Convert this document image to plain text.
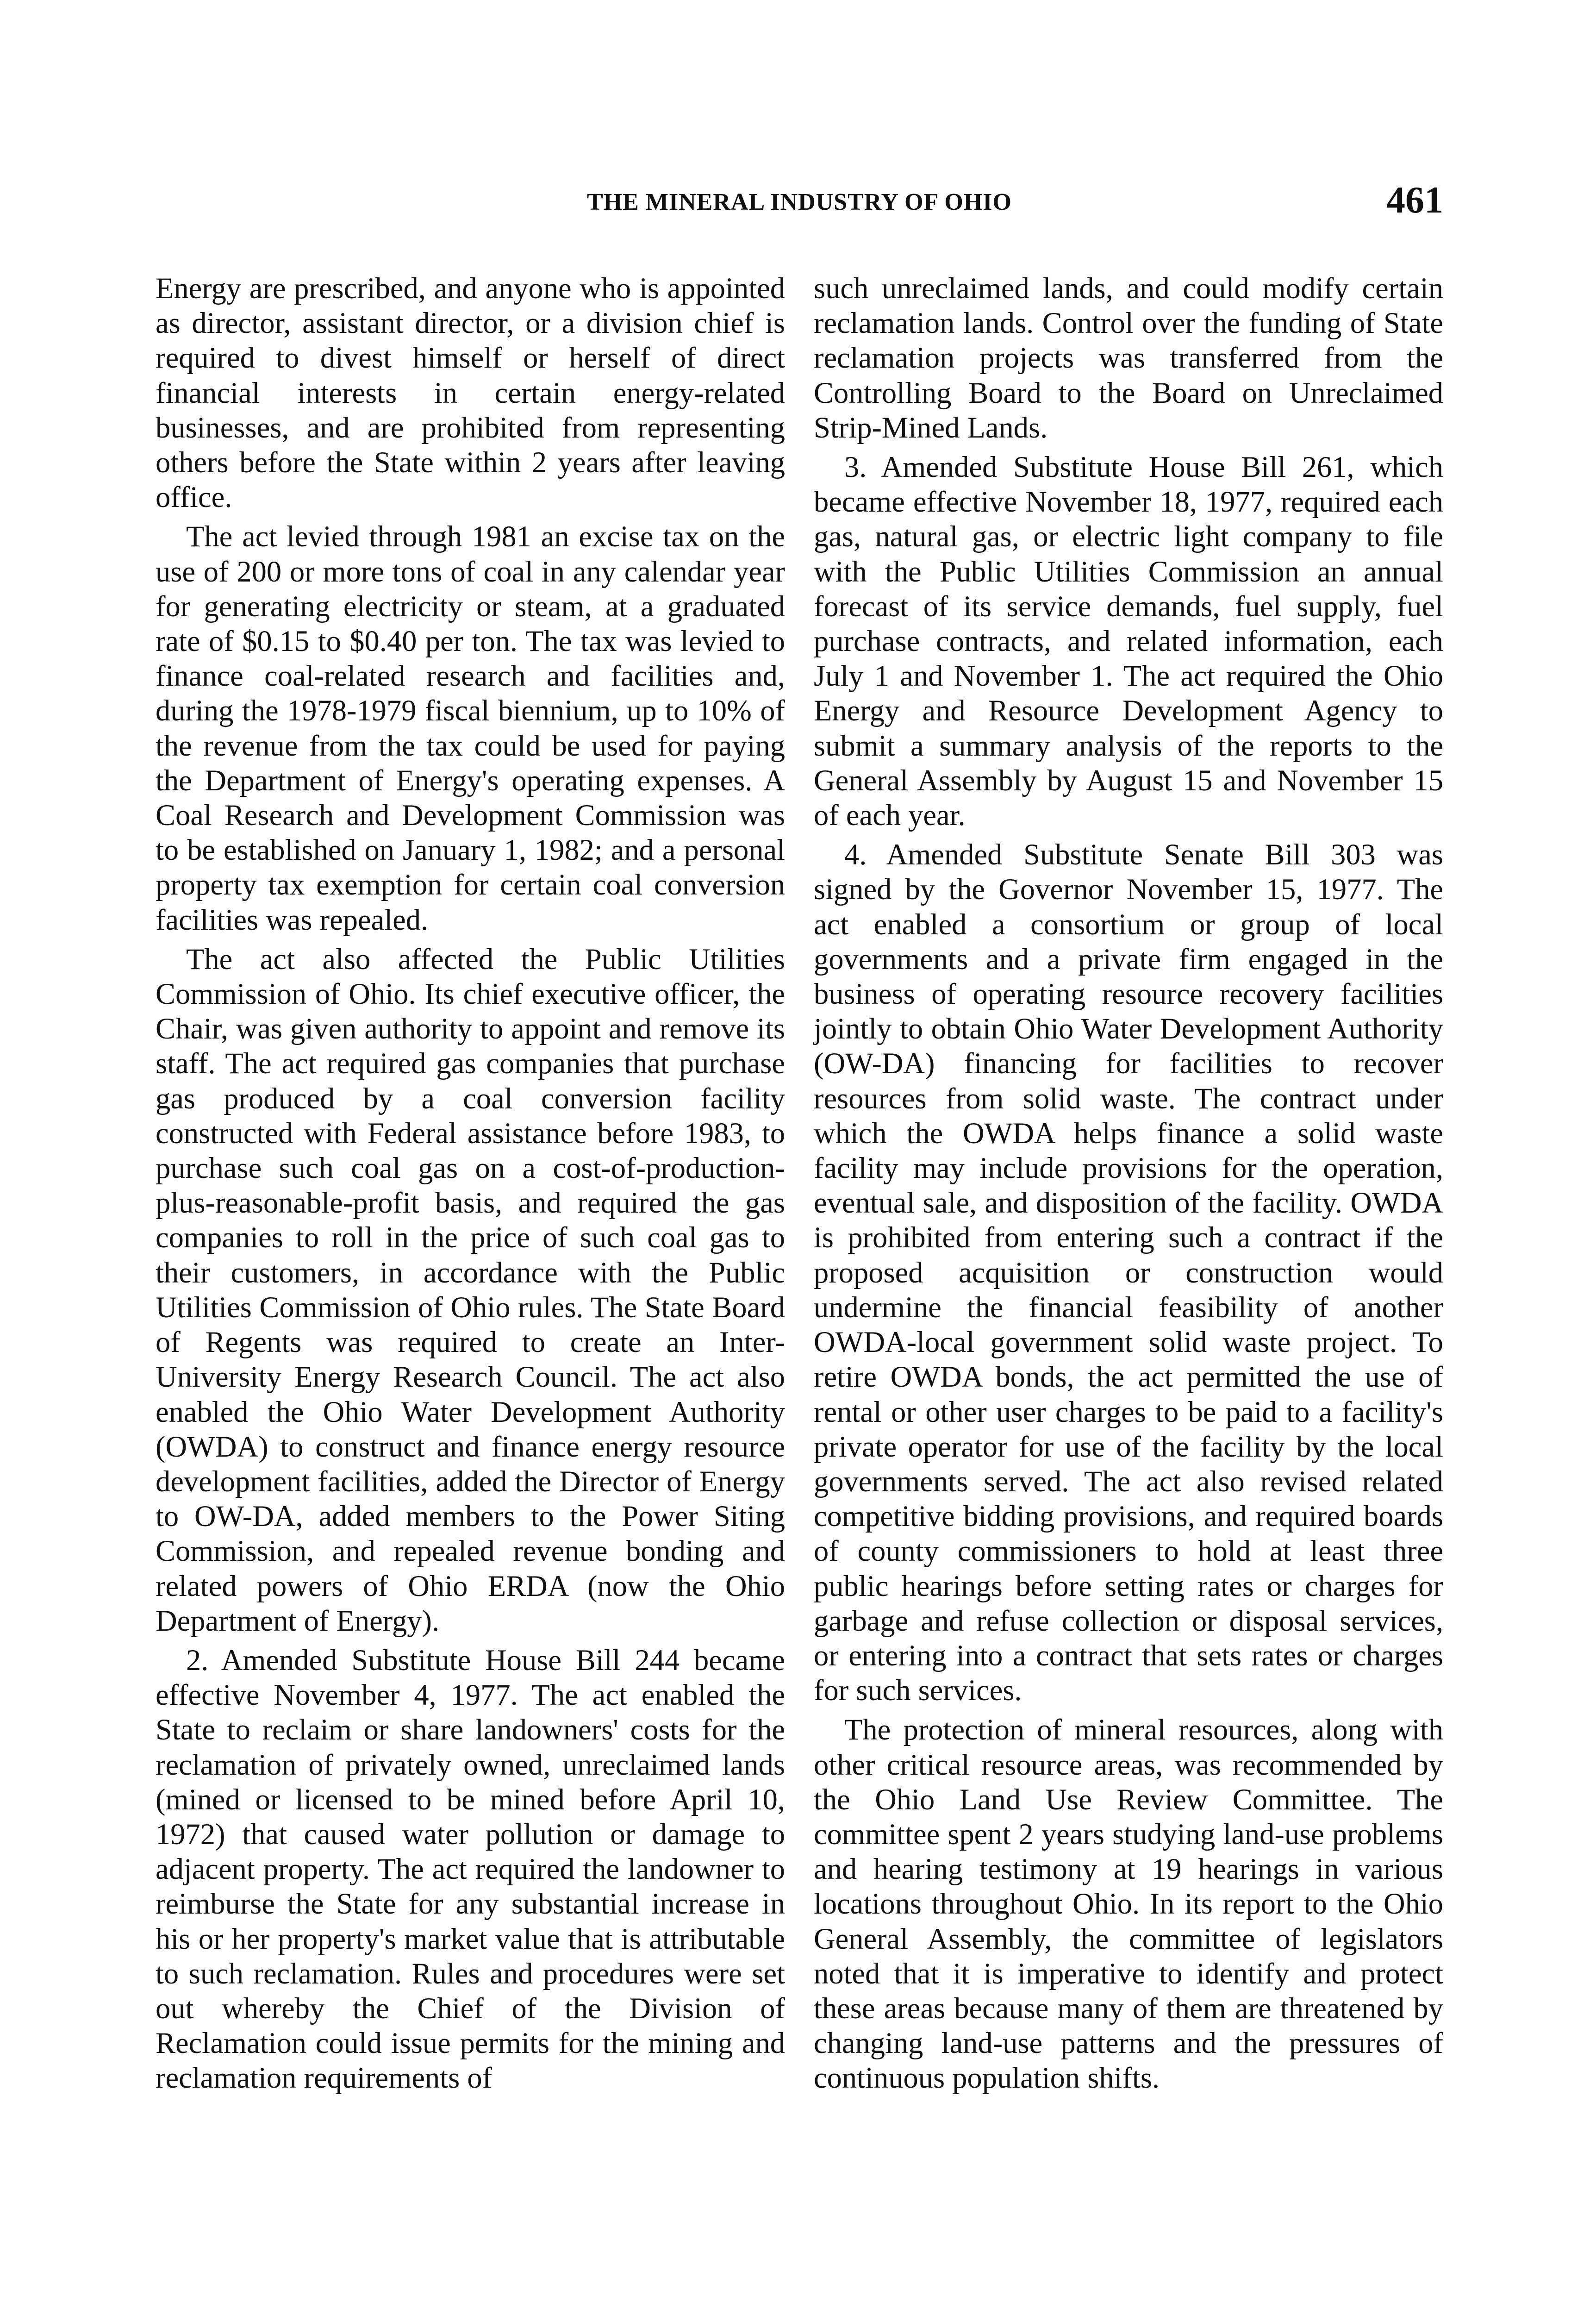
THE MINERAL INDUSTRY OF OHIO	461

Energy are prescribed, and anyone who is appointed as director, assistant director, or a division chief is required to divest himself or herself of direct financial interests in certain energy-related businesses, and are prohibited from representing others before the State within 2 years after leaving office.

The act levied through 1981 an excise tax on the use of 200 or more tons of coal in any calendar year for generating electricity or steam, at a graduated rate of $0.15 to $0.40 per ton. The tax was levied to finance coal-related research and facilities and, during the 1978-1979 fiscal biennium, up to 10% of the revenue from the tax could be used for paying the Department of Energy's operating expenses. A Coal Research and Development Commission was to be established on January 1, 1982; and a personal property tax exemption for certain coal conversion facilities was repealed.

The act also affected the Public Utilities Commission of Ohio. Its chief executive officer, the Chair, was given authority to appoint and remove its staff. The act required gas companies that purchase gas produced by a coal conversion facility constructed with Federal assistance before 1983, to purchase such coal gas on a cost-of-production-plus-reasonable-profit basis, and required the gas companies to roll in the price of such coal gas to their customers, in accordance with the Public Utilities Commission of Ohio rules. The State Board of Regents was required to create an Inter-University Energy Research Council. The act also enabled the Ohio Water Development Authority (OWDA) to construct and finance energy resource development facilities, added the Director of Energy to OW-DA, added members to the Power Siting Commission, and repealed revenue bonding and related powers of Ohio ERDA (now the Ohio Department of Energy).

2. Amended Substitute House Bill 244 became effective November 4, 1977. The act enabled the State to reclaim or share landowners' costs for the reclamation of privately owned, unreclaimed lands (mined or licensed to be mined before April 10, 1972) that caused water pollution or damage to adjacent property. The act required the landowner to reimburse the State for any substantial increase in his or her property's market value that is attributable to such reclamation. Rules and procedures were set out whereby the Chief of the Division of Reclamation could issue permits for the mining and reclamation requirements of

such unreclaimed lands, and could modify certain reclamation lands. Control over the funding of State reclamation projects was transferred from the Controlling Board to the Board on Unreclaimed Strip-Mined Lands.

3. Amended Substitute House Bill 261, which became effective November 18, 1977, required each gas, natural gas, or electric light company to file with the Public Utilities Commission an annual forecast of its service demands, fuel supply, fuel purchase contracts, and related information, each July 1 and November 1. The act required the Ohio Energy and Resource Development Agency to submit a summary analysis of the reports to the General Assembly by August 15 and November 15 of each year.

4. Amended Substitute Senate Bill 303 was signed by the Governor November 15, 1977. The act enabled a consortium or group of local governments and a private firm engaged in the business of operating resource recovery facilities jointly to obtain Ohio Water Development Authority (OW-DA) financing for facilities to recover resources from solid waste. The contract under which the OWDA helps finance a solid waste facility may include provisions for the operation, eventual sale, and disposition of the facility. OWDA is prohibited from entering such a contract if the proposed acquisition or construction would undermine the financial feasibility of another OWDA-local government solid waste project. To retire OWDA bonds, the act permitted the use of rental or other user charges to be paid to a facility's private operator for use of the facility by the local governments served. The act also revised related competitive bidding provisions, and required boards of county commissioners to hold at least three public hearings before setting rates or charges for garbage and refuse collection or disposal services, or entering into a contract that sets rates or charges for such services.

The protection of mineral resources, along with other critical resource areas, was recommended by the Ohio Land Use Review Committee. The committee spent 2 years studying land-use problems and hearing testimony at 19 hearings in various locations throughout Ohio. In its report to the Ohio General Assembly, the committee of legislators noted that it is imperative to identify and protect these areas because many of them are threatened by changing land-use patterns and the pressures of continuous population shifts.
